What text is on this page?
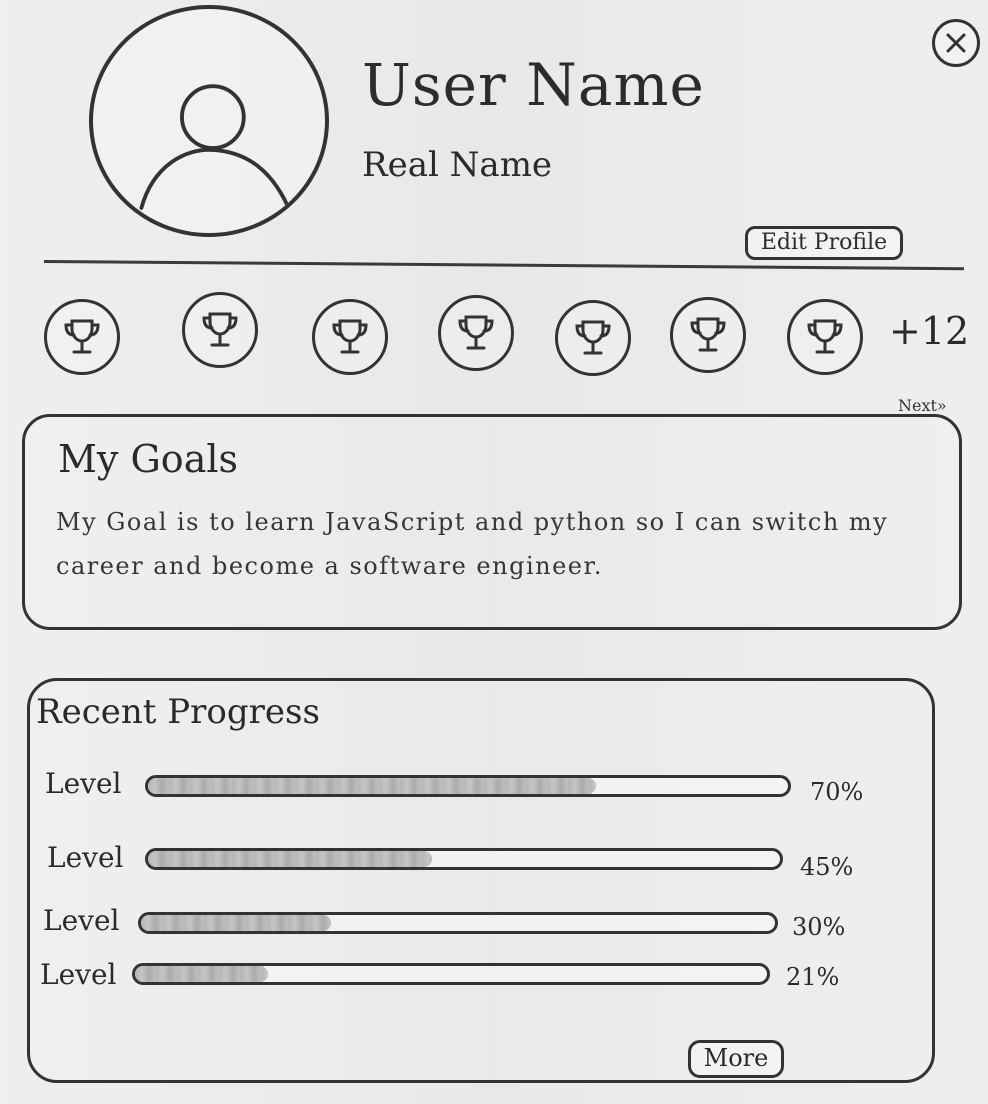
User Name
Real Name
Edit Profile
+12
Next»
My Goals
My Goal is to learn JavaScript and python so I can switch my career and become a software engineer.
Recent Progress
Level	70%
Level	45%
Level	30%
Level	21%
More
